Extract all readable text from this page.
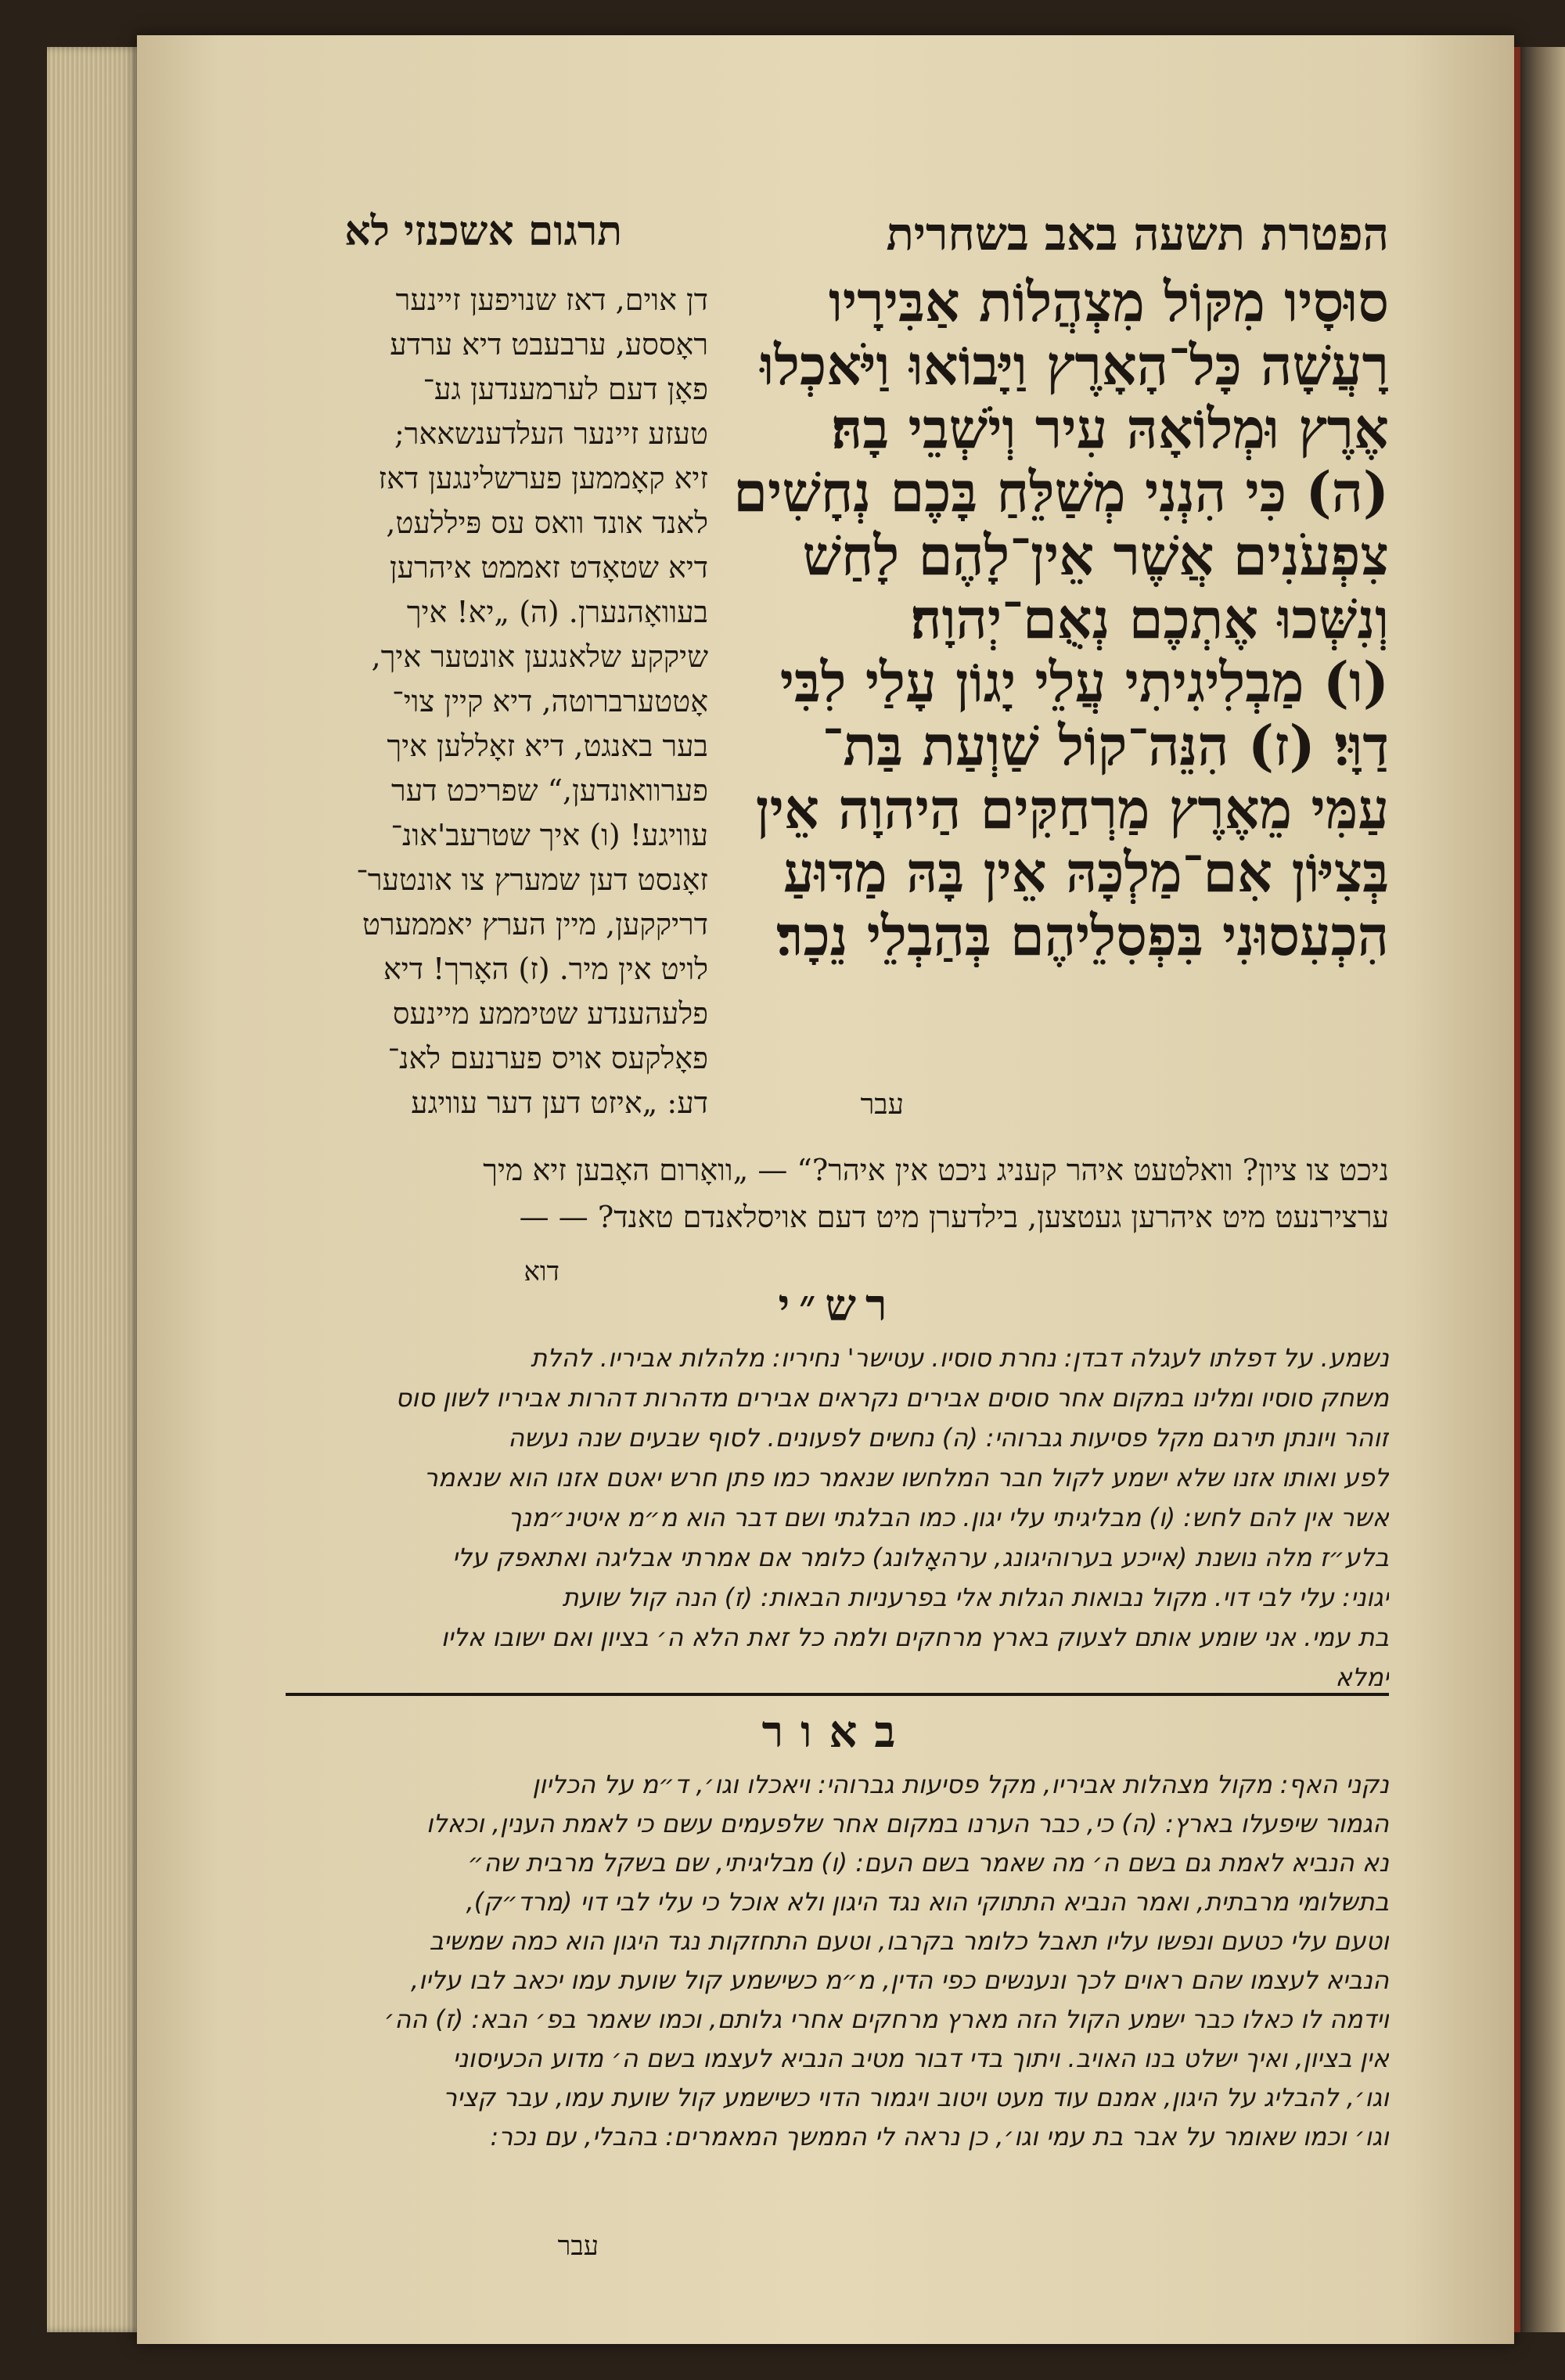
תרגום אשכנזי לא	הפטרת תשעה באב בשחרית
סוּסָיו מִקּוֹל מִצְהֲלוֹת אַבִּירָיו
רָעֲשָׁה כָּל־הָאָרֶץ וַיָּבוֹאוּ וַיֹּאכְלוּ
אֶרֶץ וּמְלוֹאָהּ עִיר וְיֹשְׁבֵי בָהּ׃
(ה) כִּי הִנְנִי מְשַׁלֵּחַ בָּכֶם נְחָשִׁים
צִפְעֹנִים אֲשֶׁר אֵין־לָהֶם לָחַשׁ
וְנִשְּׁכוּ אֶתְכֶם נְאֻם־יְהוָה׃
(ו) מַבְלִיגִיתִי עֲלֵי יָגוֹן עָלַי לִבִּי
דַוָּי׃ (ז) הִנֵּה־קוֹל שַׁוְעַת בַּת־
עַמִּי מֵאֶרֶץ מַרְחַקִּים הַיהוָה אֵין
בְּצִיּוֹן אִם־מַלְכָּהּ אֵין בָּהּ מַדּוּעַ
הִכְעִסוּנִי בִּפְסִלֵיהֶם בְּהַבְלֵי נֵכָר׃
עבר
דן אוים, דאז שנויפען זיינער
ראָססע, ערבעבט דיא ערדע
פאָן דעם לערמענדען גע־
טעזע זיינער העלדענשאאר;
זיא קאָממען פערשלינגען דאז
לאנד אונד וואס עס פּיללעט,
דיא שטאָדט זאממט איהרען
בעוואָהנערן. (ה) „יא! איך
שיקקע שלאנגען אונטער איך,
אָטטערברוטה, דיא קיין צוי־
בער באנגט, דיא זאָללען איך
פערוואונדען,“ שפריכט דער
עוויגע! (ו) איך שטרעב'אונ־
זאָנסט דען שמערץ צו אונטער־
דריקקען, מיין הערץ יאממערט
לויט אין מיר. (ז) האָרך! דיא
פלעהענדע שטיממע מיינעס
פאָלקעס אויס פערנעם לאנ־
דע: „איזט דען דער עוויגע
ניכט צו ציון? וואלטעט איהר קעניג ניכט אין איהר?“ — „וואָרום האָבען זיא מיך
ערצירנעט מיט איהרען געטצען, בילדערן מיט דעם אויסלאנדם טאנד? — —
דוא
רש״י
נשמע. על דפלתו לעגלה דבדן: נחרת סוסיו. עטישר' נחיריו: מלהלות אביריו. להלת
משחק סוסיו ומלינו במקום אחר סוסים אבירים נקראים אבירים מדהרות דהרות אביריו לשון סוס
זוהר ויונתן תירגם מקל פסיעות גברוהי: (ה) נחשים לפעונים. לסוף שבעים שנה נעשה
לפע ואותו אזנו שלא ישמע לקול חבר המלחשו שנאמר כמו פתן חרש יאטם אזנו הוא שנאמר
אשר אין להם לחש: (ו) מבליגיתי עלי יגון. כמו הבלגתי ושם דבר הוא מ״מ איטינ״מנך
בלע״ז מלה נושנת (אייכע בערוהיגונג, ערהאָלונג) כלומר אם אמרתי אבליגה ואתאפק עלי
יגוני: עלי לבי דוי. מקול נבואות הגלות אלי בפרעניות הבאות: (ז) הנה קול שועת
בת עמי. אני שומע אותם לצעוק בארץ מרחקים ולמה כל זאת הלא ה׳ בציון ואם ישובו אליו
ימלא
באור
נקני האף: מקול מצהלות אביריו, מקל פסיעות גברוהי: ויאכלו וגו׳, ד״מ על הכליון
הגמור שיפעלו בארץ: (ה) כי, כבר הערנו במקום אחר שלפעמים עשם כי לאמת הענין, וכאלו
נא הנביא לאמת גם בשם ה׳ מה שאמר בשם העם: (ו) מבליגיתי, שם בשקל מרבית שה״
בתשלומי מרבתית, ואמר הנביא התתוקי הוא נגד היגון ולא אוכל כי עלי לבי דוי (מרד״ק),
וטעם עלי כטעם ונפשו עליו תאבל כלומר בקרבו, וטעם התחזקות נגד היגון הוא כמה שמשיב
הנביא לעצמו שהם ראוים לכך ונענשים כפי הדין, מ״מ כשישמע קול שועת עמו יכאב לבו עליו,
וידמה לו כאלו כבר ישמע הקול הזה מארץ מרחקים אחרי גלותם, וכמו שאמר בפ׳ הבא: (ז) הה׳
אין בציון, ואיך ישלט בנו האויב. ויתוך בדי דבור מטיב הנביא לעצמו בשם ה׳ מדוע הכעיסוני
וגו׳, להבליג על היגון, אמנם עוד מעט ויטוב ויגמור הדוי כשישמע קול שועת עמו, עבר קציר
וגו׳ וכמו שאומר על אבר בת עמי וגו׳, כן נראה לי הממשך המאמרים: בהבלי, עם נכר:
עבר
